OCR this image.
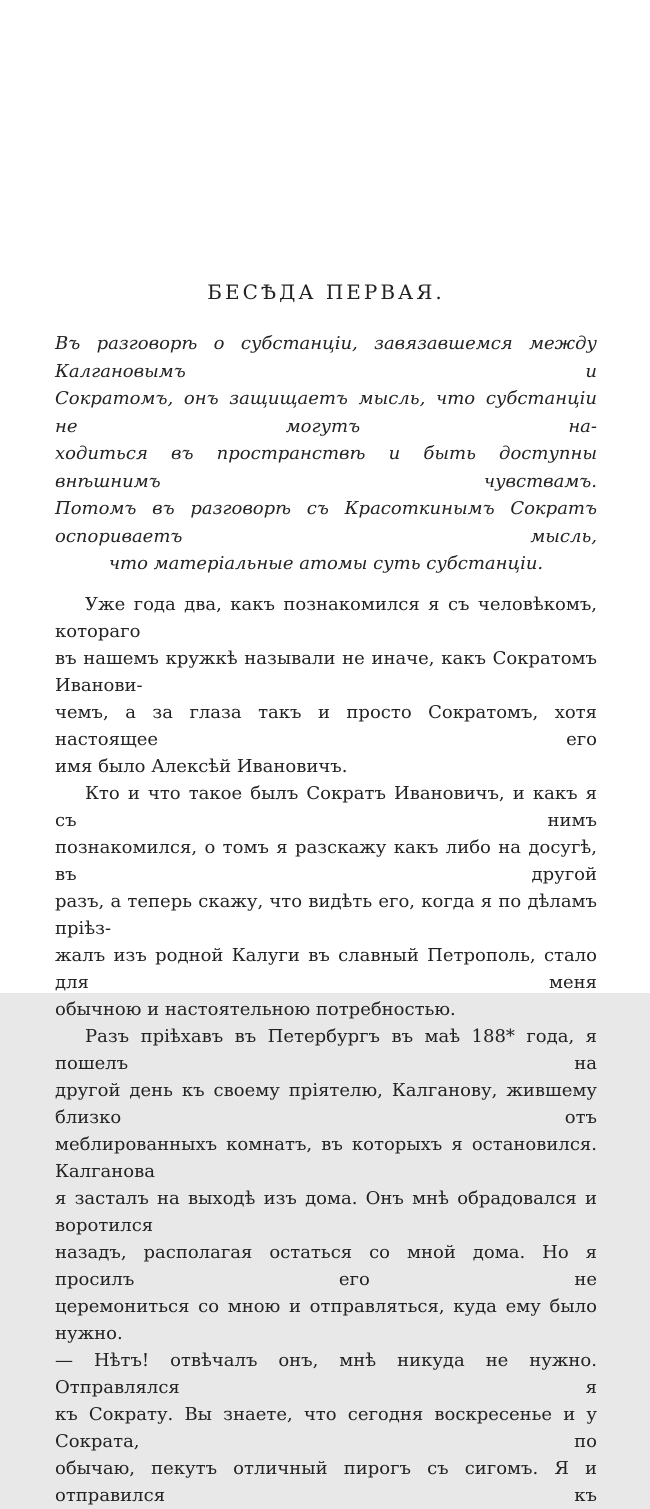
БЕСѢДА ПЕРВАЯ.
Въ разговорѣ о субстанціи, завязавшемся между Калгановымъ и
Сократомъ, онъ защищаетъ мысль, что субстанціи не могутъ на-
ходиться въ пространствѣ и быть доступны внѣшнимъ чувствамъ.
Потомъ въ разговорѣ съ Красоткинымъ Сократъ оспориваетъ мысль,
что матеріальные атомы суть субстанціи.
Уже года два, какъ познакомился я съ человѣкомъ, котораго
въ нашемъ кружкѣ называли не иначе, какъ Сократомъ Иванови-
чемъ, а за глаза такъ и просто Сократомъ, хотя настоящее его
имя было Алексѣй Ивановичъ.
Кто и что такое былъ Сократъ Ивановичъ, и какъ я съ нимъ
познакомился, о томъ я разскажу какъ либо на досугѣ, въ другой
разъ, а теперь скажу, что видѣть его, когда я по дѣламъ пріѣз-
жалъ изъ родной Калуги въ славный Петрополь, стало для меня
обычною и настоятельною потребностью.
Разъ пріѣхавъ въ Петербургъ въ маѣ 188* года, я пошелъ на
другой день къ своему пріятелю, Калганову, жившему близко отъ
меблированныхъ комнатъ, въ которыхъ я остановился. Калганова
я засталъ на выходѣ изъ дома. Онъ мнѣ обрадовался и воротился
назадъ, располагая остаться со мной дома. Но я просилъ его не
церемониться со мною и отправляться, куда ему было нужно.
— Нѣтъ! отвѣчалъ онъ, мнѣ никуда не нужно. Отправлялся я
къ Сократу. Вы знаете, что сегодня воскресенье и у Сократа, по
обычаю, пекутъ отличный пирогъ съ сигомъ. Я и отправился къ
